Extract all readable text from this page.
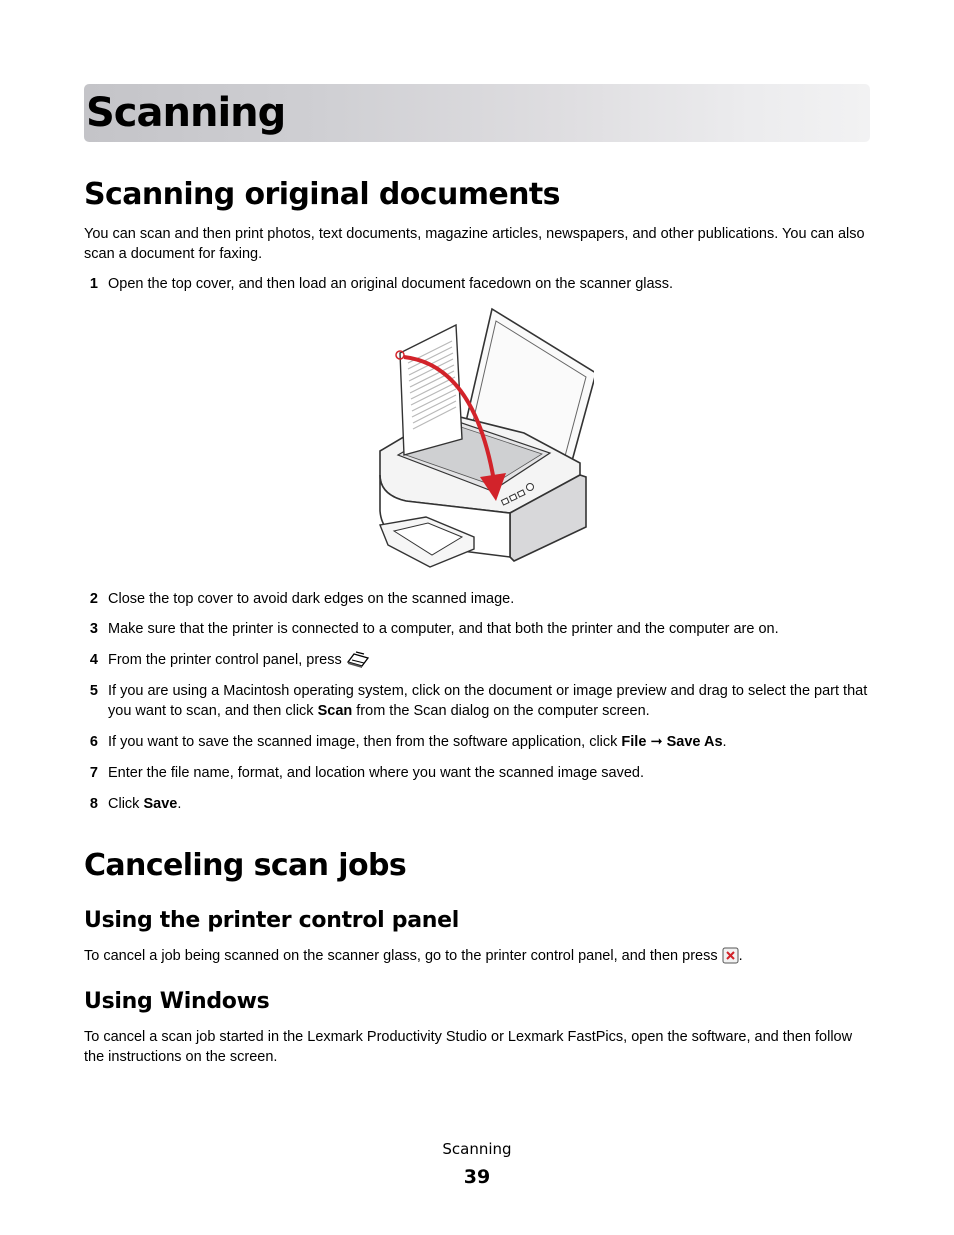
Scanning
Scanning original documents

You can scan and then print photos, text documents, magazine articles, newspapers, and other publications. You can also scan a document for faxing.

1 Open the top cover, and then load an original document facedown on the scanner glass.
2 Close the top cover to avoid dark edges on the scanned image.
3 Make sure that the printer is connected to a computer, and that both the printer and the computer are on.
4 From the printer control panel, press
5 If you are using a Macintosh operating system, click on the document or image preview and drag to select the part that you want to scan, and then click Scan from the Scan dialog on the computer screen.
6 If you want to save the scanned image, then from the software application, click File ➞ Save As.
7 Enter the file name, format, and location where you want the scanned image saved.
8 Click Save.
Canceling scan jobs
Using the printer control panel

To cancel a job being scanned on the scanner glass, go to the printer control panel, and then press .

Using Windows

To cancel a scan job started in the Lexmark Productivity Studio or Lexmark FastPics, open the software, and then follow the instructions on the screen.

Scanning
39
